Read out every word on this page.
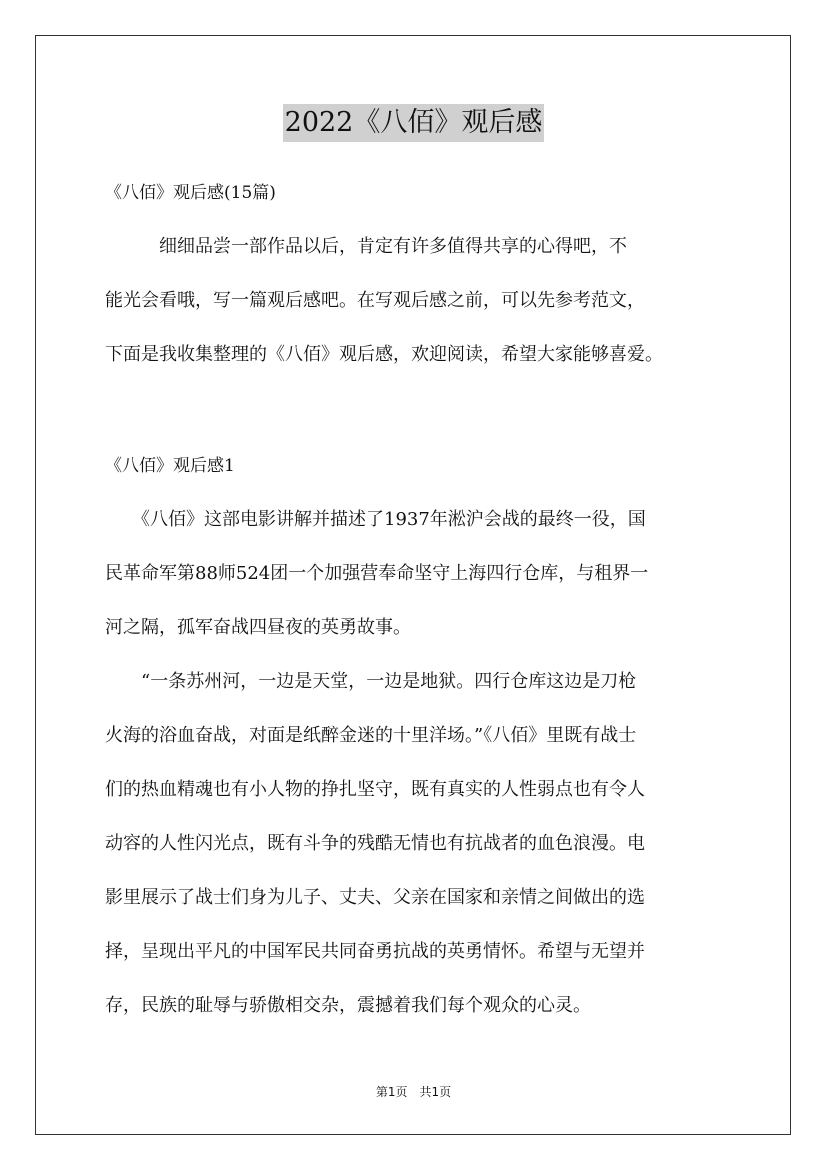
2022《八佰》观后感
《八佰》观后感(15篇)
　　　细细品尝一部作品以后，肯定有许多值得共享的心得吧，不
能光会看哦，写一篇观后感吧。在写观后感之前，可以先参考范文，
下面是我收集整理的《八佰》观后感，欢迎阅读，希望大家能够喜爱。
《八佰》观后感1
　　《八佰》这部电影讲解并描述了1937年淞沪会战的最终一役，国
民革命军第88师524团一个加强营奉命坚守上海四行仓库，与租界一
河之隔，孤军奋战四昼夜的英勇故事。
　　“一条苏州河，一边是天堂，一边是地狱。四行仓库这边是刀枪
火海的浴血奋战，对面是纸醉金迷的十里洋场。”《八佰》里既有战士
们的热血精魂也有小人物的挣扎坚守，既有真实的人性弱点也有令人
动容的人性闪光点，既有斗争的残酷无情也有抗战者的血色浪漫。电
影里展示了战士们身为儿子、丈夫、父亲在国家和亲情之间做出的选
择，呈现出平凡的中国军民共同奋勇抗战的英勇情怀。希望与无望并
存，民族的耻辱与骄傲相交杂，震撼着我们每个观众的心灵。
第1页　共1页
